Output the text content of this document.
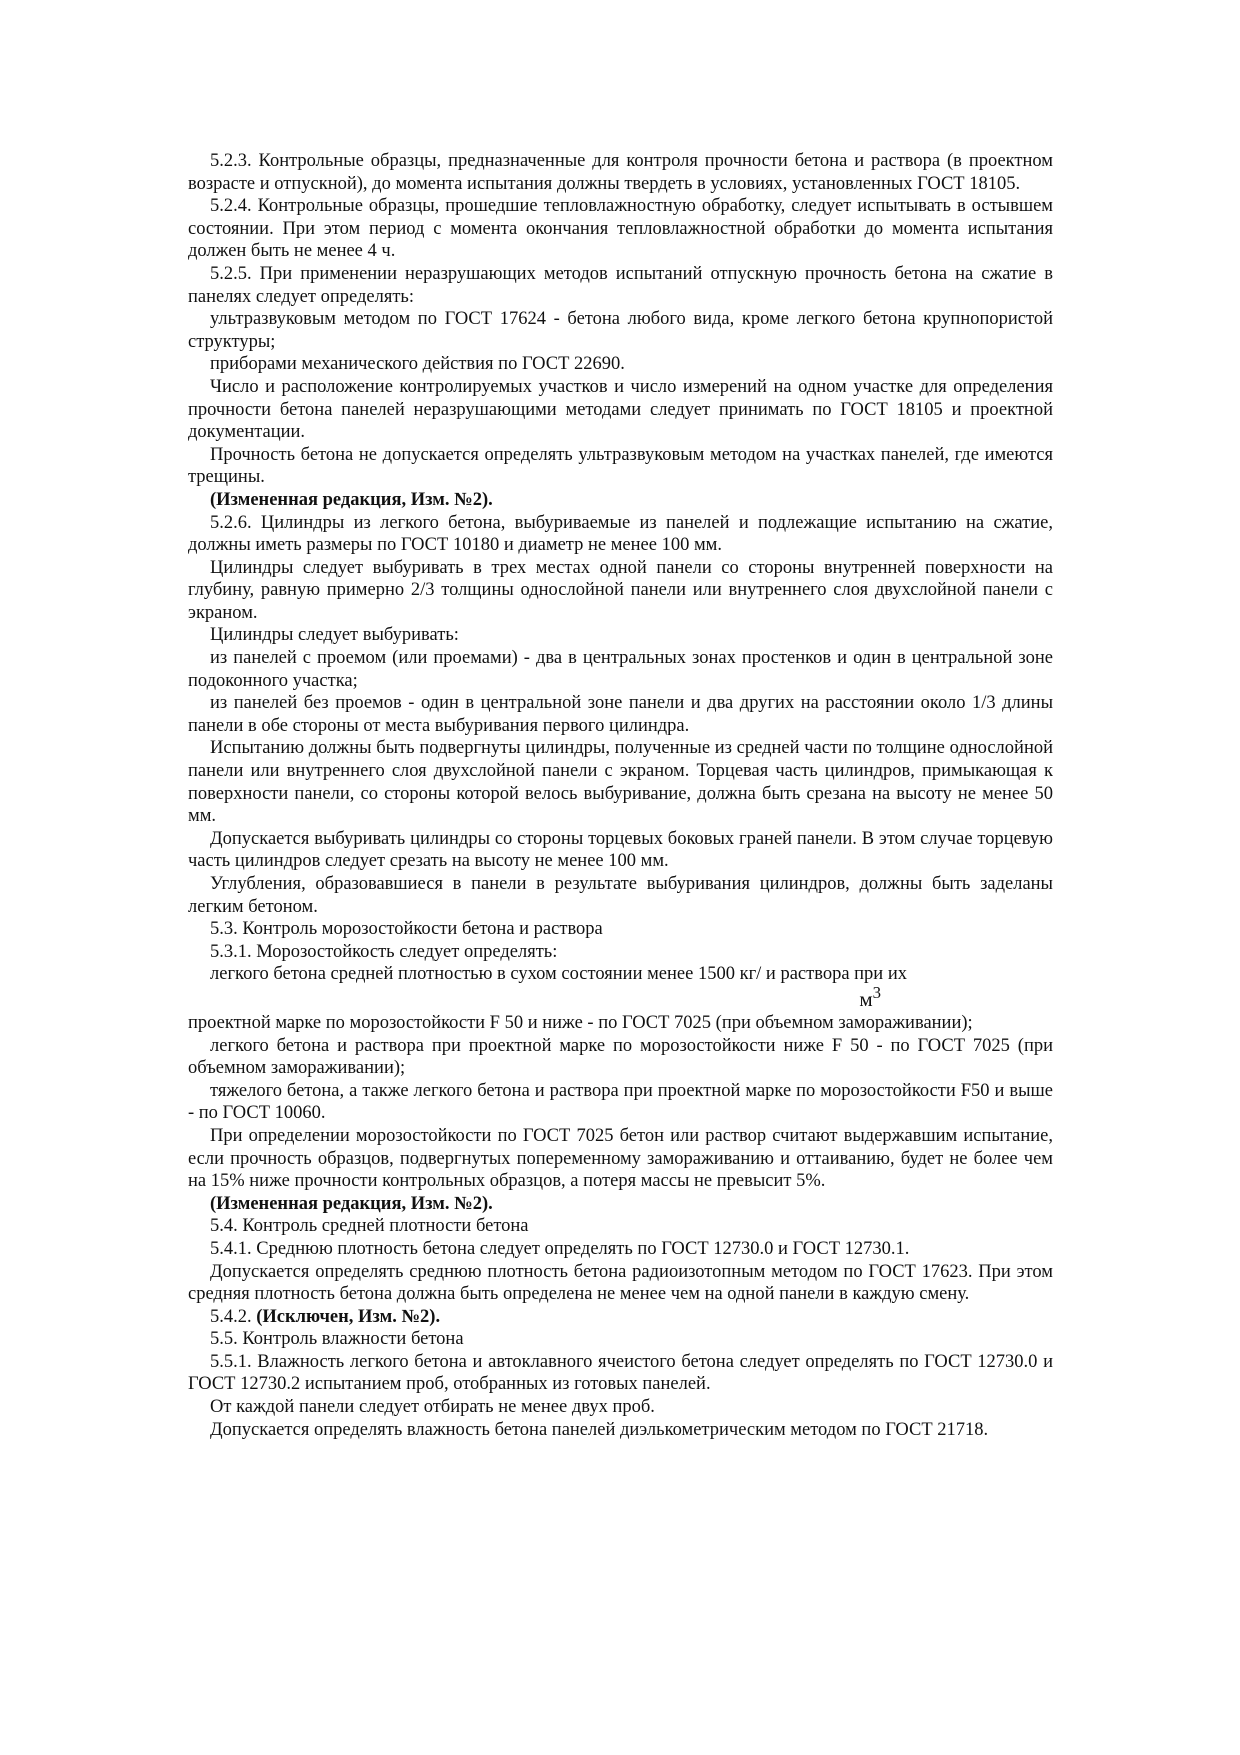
5.2.3. Контрольные образцы, предназначенные для контроля прочности бетона и раствора (в проектном возрасте и отпускной), до момента испытания должны твердеть в условиях, установленных ГОСТ 18105.

5.2.4. Контрольные образцы, прошедшие тепловлажностную обработку, следует испытывать в остывшем состоянии. При этом период с момента окончания тепловлажностной обработки до момента испытания должен быть не менее 4 ч.

5.2.5. При применении неразрушающих методов испытаний отпускную прочность бетона на сжатие в панелях следует определять:

ультразвуковым методом по ГОСТ 17624 - бетона любого вида, кроме легкого бетона крупнопористой структуры;

приборами механического действия по ГОСТ 22690.

Число и расположение контролируемых участков и число измерений на одном участке для определения прочности бетона панелей неразрушающими методами следует принимать по ГОСТ 18105 и проектной документации.

Прочность бетона не допускается определять ультразвуковым методом на участках панелей, где имеются трещины.

(Измененная редакция, Изм. №2).

5.2.6. Цилиндры из легкого бетона, выбуриваемые из панелей и подлежащие испытанию на сжатие, должны иметь размеры по ГОСТ 10180 и диаметр не менее 100 мм.

Цилиндры следует выбуривать в трех местах одной панели со стороны внутренней поверхности на глубину, равную примерно 2/3 толщины однослойной панели или внутреннего слоя двухслойной панели с экраном.

Цилиндры следует выбуривать:

из панелей с проемом (или проемами) - два в центральных зонах простенков и один в центральной зоне подоконного участка;

из панелей без проемов - один в центральной зоне панели и два других на расстоянии около 1/3 длины панели в обе стороны от места выбуривания первого цилиндра.

Испытанию должны быть подвергнуты цилиндры, полученные из средней части по толщине однослойной панели или внутреннего слоя двухслойной панели с экраном. Торцевая часть цилиндров, примыкающая к поверхности панели, со стороны которой велось выбуривание, должна быть срезана на высоту не менее 50 мм.

Допускается выбуривать цилиндры со стороны торцевых боковых граней панели. В этом случае торцевую часть цилиндров следует срезать на высоту не менее 100 мм.

Углубления, образовавшиеся в панели в результате выбуривания цилиндров, должны быть заделаны легким бетоном.

5.3. Контроль морозостойкости бетона и раствора

5.3.1. Морозостойкость следует определять:

легкого бетона средней плотностью в сухом состоянии менее 1500 кг/ и раствора при их

$м^3$

проектной марке по морозостойкости F 50 и ниже - по ГОСТ 7025 (при объемном замораживании);

легкого бетона и раствора при проектной марке по морозостойкости ниже F 50 - по ГОСТ 7025 (при объемном замораживании);

тяжелого бетона, а также легкого бетона и раствора при проектной марке по морозостойкости F50 и выше - по ГОСТ 10060.

При определении морозостойкости по ГОСТ 7025 бетон или раствор считают выдержавшим испытание, если прочность образцов, подвергнутых попеременному замораживанию и оттаиванию, будет не более чем на 15% ниже прочности контрольных образцов, а потеря массы не превысит 5%.

(Измененная редакция, Изм. №2).

5.4. Контроль средней плотности бетона

5.4.1. Среднюю плотность бетона следует определять по ГОСТ 12730.0 и ГОСТ 12730.1.

Допускается определять среднюю плотность бетона радиоизотопным методом по ГОСТ 17623. При этом средняя плотность бетона должна быть определена не менее чем на одной панели в каждую смену.

5.4.2. (Исключен, Изм. №2).

5.5. Контроль влажности бетона

5.5.1. Влажность легкого бетона и автоклавного ячеистого бетона следует определять по ГОСТ 12730.0 и ГОСТ 12730.2 испытанием проб, отобранных из готовых панелей.

От каждой панели следует отбирать не менее двух проб.

Допускается определять влажность бетона панелей диэлькометрическим методом по ГОСТ 21718.
